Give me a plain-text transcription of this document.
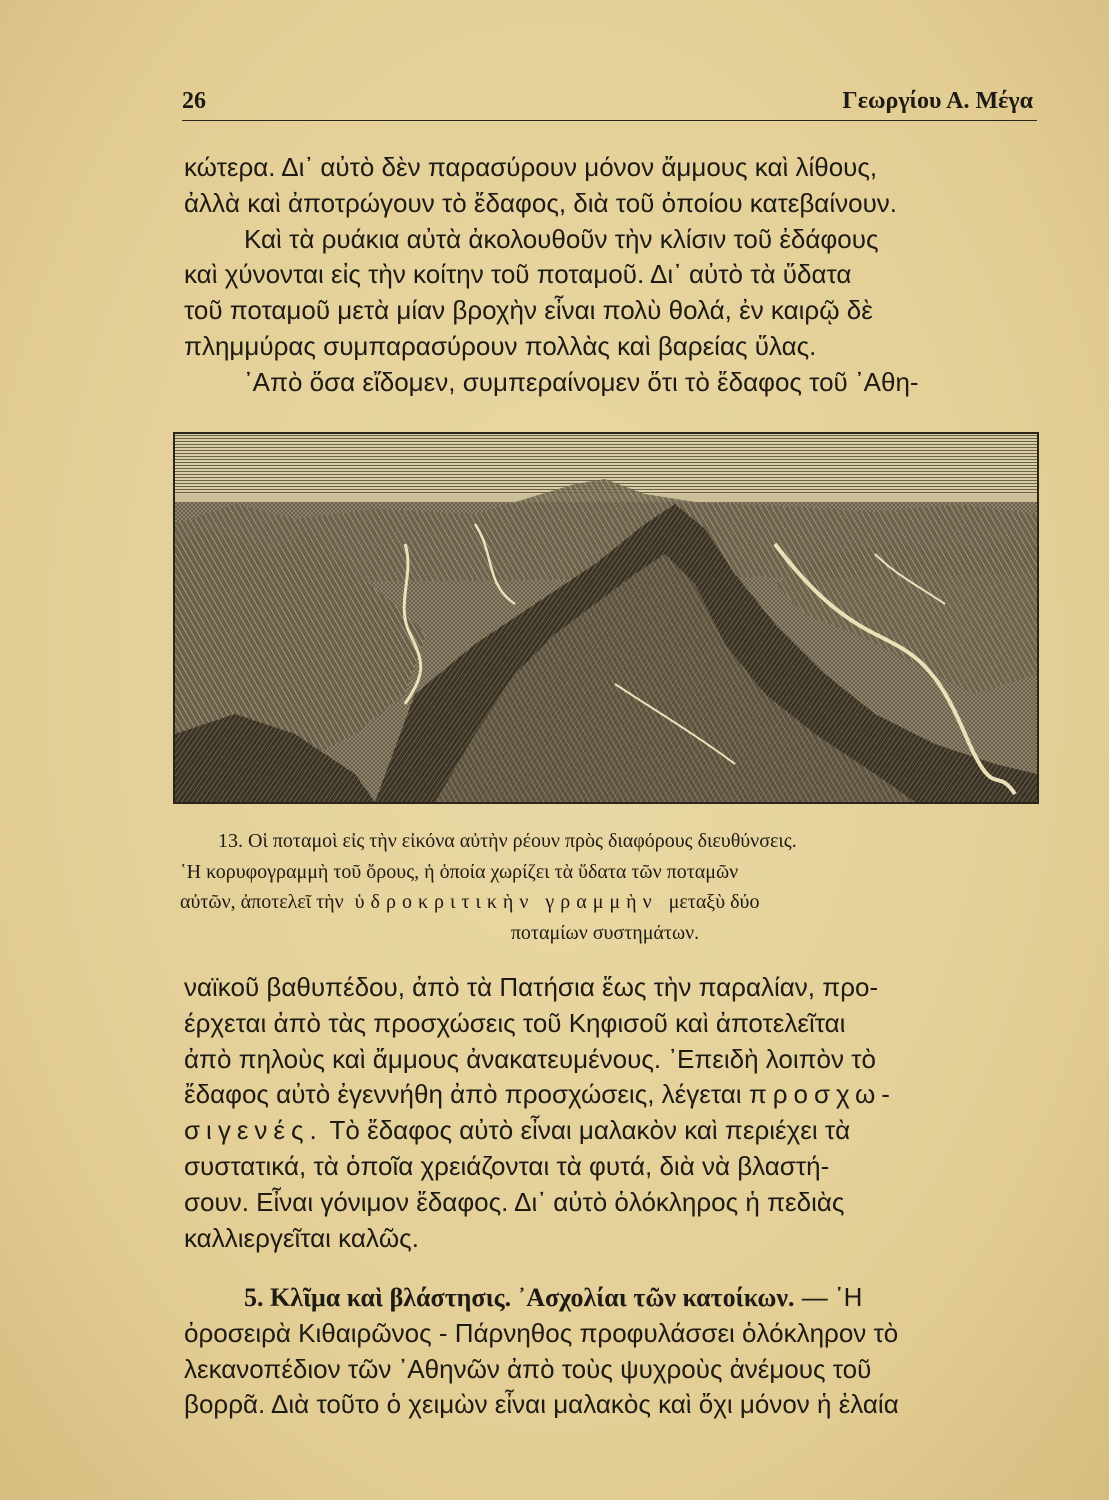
26	Γεωργίου Α. Μέγα

κώτερα. Δι᾿ αὐτὸ δὲν παρασύρουν μόνον ἄμμους καὶ λίθους,

ἀλλὰ καὶ ἀποτρώγουν τὸ ἔδαφος, διὰ τοῦ ὁποίου κατεβαίνουν.

Καὶ τὰ ρυάκια αὐτὰ ἀκολουθοῦν τὴν κλίσιν τοῦ ἐδάφους

καὶ χύνονται εἰς τὴν κοίτην τοῦ ποταμοῦ. Δι᾿ αὐτὸ τὰ ὕδατα

τοῦ ποταμοῦ μετὰ μίαν βροχὴν εἶναι πολὺ θολά, ἐν καιρῷ δὲ

πλημμύρας συμπαρασύρουν πολλὰς καὶ βαρείας ὕλας.

᾿Απὸ ὅσα εἴδομεν, συμπεραίνομεν ὅτι τὸ ἔδαφος τοῦ ᾿Αθη-

13. Οἱ ποταμοὶ εἰς τὴν εἰκόνα αὐτὴν ρέουν πρὸς διαφόρους διευθύνσεις.

῾Η κορυφογραμμὴ τοῦ ὄρους, ἡ ὁποία χωρίζει τὰ ὕδατα τῶν ποταμῶν

αὐτῶν, ἀποτελεῖ τὴν ὑδροκριτικὴν γραμμὴν μεταξὺ δύο

ποταμίων συστημάτων.

ναϊκοῦ βαθυπέδου, ἀπὸ τὰ Πατήσια ἕως τὴν παραλίαν, προ-

έρχεται ἀπὸ τὰς προσχώσεις τοῦ Κηφισοῦ καὶ ἀποτελεῖται

ἀπὸ πηλοὺς καὶ ἄμμους ἀνακατευμένους. ᾿Επειδὴ λοιπὸν τὸ

ἔδαφος αὐτὸ ἐγεννήθη ἀπὸ προσχώσεις, λέγεται προσχω-

σιγενές. Τὸ ἔδαφος αὐτὸ εἶναι μαλακὸν καὶ περιέχει τὰ

συστατικά, τὰ ὁποῖα χρειάζονται τὰ φυτά, διὰ νὰ βλαστή-

σουν. Εἶναι γόνιμον ἔδαφος. Δι᾿ αὐτὸ ὁλόκληρος ἡ πεδιὰς

καλλιεργεῖται καλῶς.

5. Κλῖμα καὶ βλάστησις. ᾿Ασχολίαι τῶν κατοίκων. — ῾Η

ὀροσειρὰ Κιθαιρῶνος - Πάρνηθος προφυλάσσει ὁλόκληρον τὸ

λεκανοπέδιον τῶν ᾿Αθηνῶν ἀπὸ τοὺς ψυχροὺς ἀνέμους τοῦ

βορρᾶ. Διὰ τοῦτο ὁ χειμὼν εἶναι μαλακὸς καὶ ὄχι μόνον ἡ ἐλαία
